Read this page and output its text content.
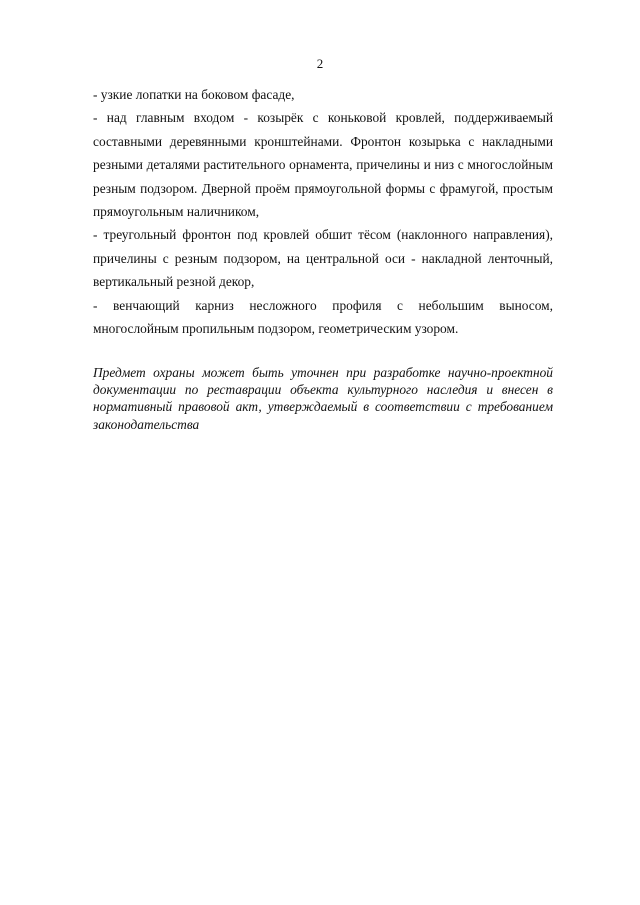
2

- узкие лопатки на боковом фасаде,

- над главным входом - козырёк с коньковой кровлей, поддерживаемый составными деревянными кронштейнами. Фронтон козырька с накладными резными деталями растительного орнамента, причелины и низ с многослойным резным подзором. Дверной проём прямоугольной формы с фрамугой, простым прямоугольным наличником,

- треугольный фронтон под кровлей обшит тёсом (наклонного направления), причелины с резным подзором, на центральной оси - накладной ленточный, вертикальный резной декор,

- венчающий карниз несложного профиля с небольшим выносом, многослойным пропильным подзором, геометрическим узором.

Предмет охраны может быть уточнен при разработке научно-проектной документации по реставрации объекта культурного наследия и внесен в нормативный правовой акт, утверждаемый в соответствии с требованием законодательства
